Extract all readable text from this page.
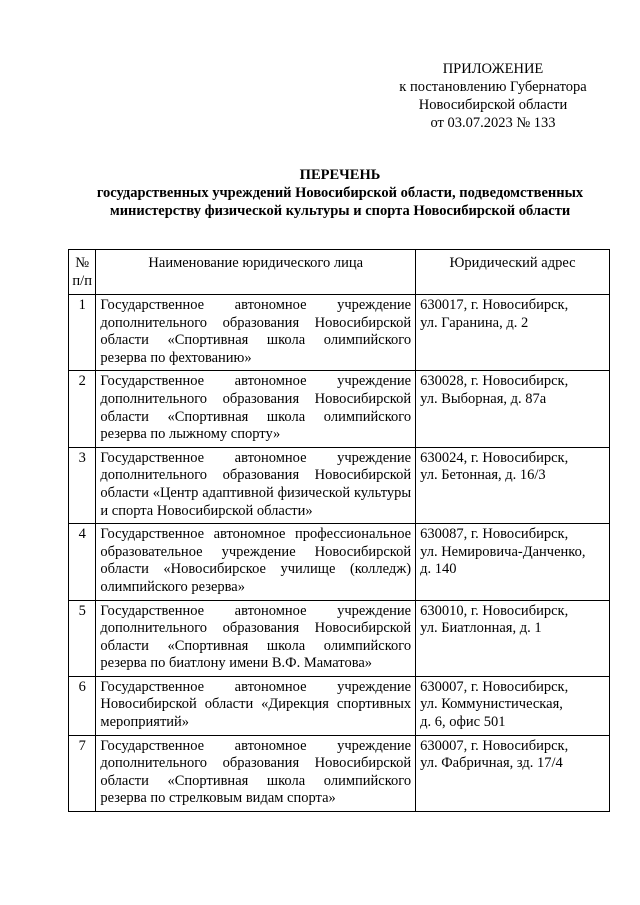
ПРИЛОЖЕНИЕ
к постановлению Губернатора
Новосибирской области
от 03.07.2023 № 133
ПЕРЕЧЕНЬ
государственных учреждений Новосибирской области, подведомственных
министерству физической культуры и спорта Новосибирской области
№
п/п	Наименование юридического лица	Юридический адрес
1	Государственное автономное учреждение дополнительного образования Новосибирской области «Спортивная школа олимпийского резерва по фехтованию»	630017, г. Новосибирск,
ул. Гаранина, д. 2

2	Государственное автономное учреждение дополнительного образования Новосибирской области «Спортивная школа олимпийского резерва по лыжному спорту»	630028, г. Новосибирск,
ул. Выборная, д. 87а

3	Государственное автономное учреждение дополнительного образования Новосибирской области «Центр адаптивной физической культуры и спорта Новосибирской области»	630024, г. Новосибирск,
ул. Бетонная, д. 16/3

4	Государственное автономное профессиональное образовательное учреждение Новосибирской области «Новосибирское училище (колледж) олимпийского резерва»	630087, г. Новосибирск,
ул. Немировича-Данченко,
д. 140

5	Государственное автономное учреждение дополнительного образования Новосибирской области «Спортивная школа олимпийского резерва по биатлону имени В.Ф. Маматова»	630010, г. Новосибирск,
ул. Биатлонная, д. 1

6	Государственное автономное учреждение Новосибирской области «Дирекция спортивных мероприятий»	630007, г. Новосибирск,
ул. Коммунистическая,
д. 6, офис 501

7	Государственное автономное учреждение дополнительного образования Новосибирской области «Спортивная школа олимпийского резерва по стрелковым видам спорта»	630007, г. Новосибирск,
ул. Фабричная, зд. 17/4
